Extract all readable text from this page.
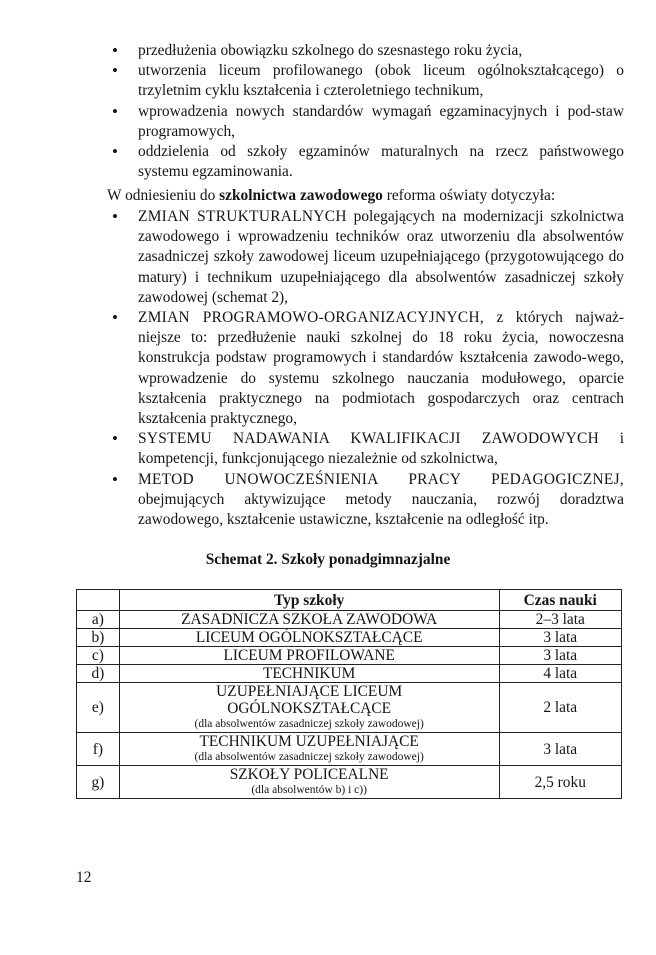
• przedłużenia obowiązku szkolnego do szesnastego roku życia,
• utworzenia liceum profilowanego (obok liceum ogólnokształcącego) o trzyletnim cyklu kształcenia i czteroletniego technikum,
• wprowadzenia nowych standardów wymagań egzaminacyjnych i pod-staw programowych,
• oddzielenia od szkoły egzaminów maturalnych na rzecz państwowego systemu egzaminowania.
W odniesieniu do szkolnictwa zawodowego reforma oświaty dotyczyła:
• ZMIAN STRUKTURALNYCH polegających na modernizacji szkolnictwa zawodowego i wprowadzeniu techników oraz utworzeniu dla absolwentów zasadniczej szkoły zawodowej liceum uzupełniającego (przygotowującego do matury) i technikum uzupełniającego dla absolwentów zasadniczej szkoły zawodowej (schemat 2),
• ZMIAN PROGRAMOWO-ORGANIZACYJNYCH, z których najważ-niejsze to: przedłużenie nauki szkolnej do 18 roku życia, nowoczesna konstrukcja podstaw programowych i standardów kształcenia zawodo-wego, wprowadzenie do systemu szkolnego nauczania modułowego, oparcie kształcenia praktycznego na podmiotach gospodarczych oraz centrach kształcenia praktycznego,
• SYSTEMU NADAWANIA KWALIFIKACJI ZAWODOWYCH i kompetencji, funkcjonującego niezależnie od szkolnictwa,
• METOD UNOWOCZEŚNIENIA PRACY PEDAGOGICZNEJ, obejmujących aktywizujące metody nauczania, rozwój doradztwa zawodowego, kształcenie ustawiczne, kształcenie na odległość itp.
Schemat 2. Szkoły ponadgimnazjalne
	Typ szkoły	Czas nauki
a)	ZASADNICZA SZKOŁA ZAWODOWA	2–3 lata
b)	LICEUM OGÓLNOKSZTAŁCĄCE	3 lata
c)	LICEUM PROFILOWANE	3 lata
d)	TECHNIKUM	4 lata
e)	UZUPEŁNIAJĄCE LICEUM
OGÓLNOKSZTAŁCĄCE
(dla absolwentów zasadniczej szkoły zawodowej)	2 lata
f)	TECHNIKUM UZUPEŁNIAJĄCE
(dla absolwentów zasadniczej szkoły zawodowej)	3 lata
g)	SZKOŁY POLICEALNE
(dla absolwentów b) i c))	2,5 roku
12
